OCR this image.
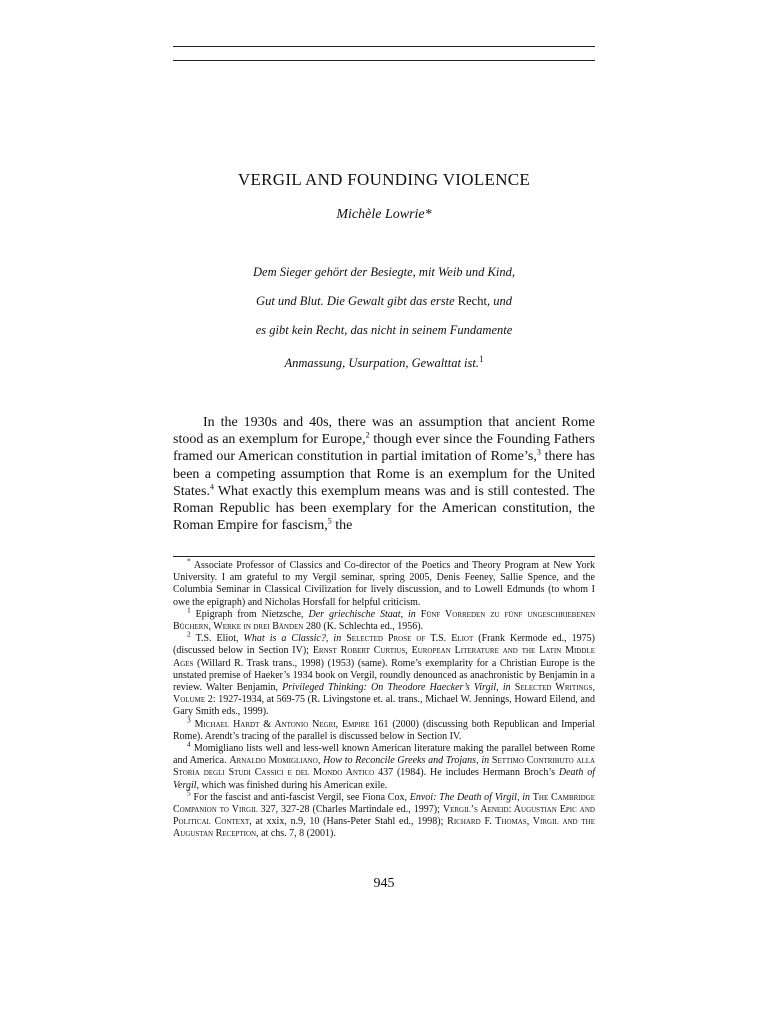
VERGIL AND FOUNDING VIOLENCE
Michèle Lowrie*
Dem Sieger gehört der Besiegte, mit Weib und Kind,
Gut und Blut. Die Gewalt gibt das erste Recht, und
es gibt kein Recht, das nicht in seinem Fundamente
Anmassung, Usurpation, Gewalttat ist.$^1$

In the 1930s and 40s, there was an assumption that ancient Rome stood as an exemplum for Europe,$^2$ though ever since the Founding Fathers framed our American constitution in partial imitation of Rome’s,$^3$ there has been a competing assumption that Rome is an exemplum for the United States.$^4$ What exactly this exemplum means was and is still contested. The Roman Republic has been exemplary for the American constitution, the Roman Empire for fascism,$^5$ the

* Associate Professor of Classics and Co-director of the Poetics and Theory Program at New York University. I am grateful to my Vergil seminar, spring 2005, Denis Feeney, Sallie Spence, and the Columbia Seminar in Classical Civilization for lively discussion, and to Lowell Edmunds (to whom I owe the epigraph) and Nicholas Horsfall for helpful criticism.

$^1$ Epigraph from Nietzsche, Der griechische Staat, in Fünf Vorreden zu fünf ungeschriebenen Büchern, Werke in drei Bänden 280 (K. Schlechta ed., 1956).

$^2$ T.S. Eliot, What is a Classic?, in Selected Prose of T.S. Eliot (Frank Kermode ed., 1975) (discussed below in Section IV); Ernst Robert Curtius, European Literature and the Latin Middle Ages (Willard R. Trask trans., 1998) (1953) (same). Rome’s exemplarity for a Christian Europe is the unstated premise of Haeker’s 1934 book on Vergil, roundly denounced as anachronistic by Benjamin in a review. Walter Benjamin, Privileged Thinking: On Theodore Haecker’s Virgil, in Selected Writings, Volume 2: 1927-1934, at 569-75 (R. Livingstone et. al. trans., Michael W. Jennings, Howard Eilend, and Gary Smith eds., 1999).

$^3$ Michael Hardt & Antonio Negri, Empire 161 (2000) (discussing both Republican and Imperial Rome). Arendt’s tracing of the parallel is discussed below in Section IV.

$^4$ Momigliano lists well and less-well known American literature making the parallel between Rome and America. Arnaldo Momigliano, How to Reconcile Greeks and Trojans, in Settimo Contributo alla Storia degli Studi Cassici e del Mondo Antico 437 (1984). He includes Hermann Broch’s Death of Vergil, which was finished during his American exile.

$^5$ For the fascist and anti-fascist Vergil, see Fiona Cox, Envoi: The Death of Virgil, in The Cambridge Companion to Virgil 327, 327-28 (Charles Martindale ed., 1997); Vergil’s Aeneid: Augustian Epic and Political Context, at xxix, n.9, 10 (Hans-Peter Stahl ed., 1998); Richard F. Thomas, Virgil and the Augustan Reception, at chs. 7, 8 (2001).

945
